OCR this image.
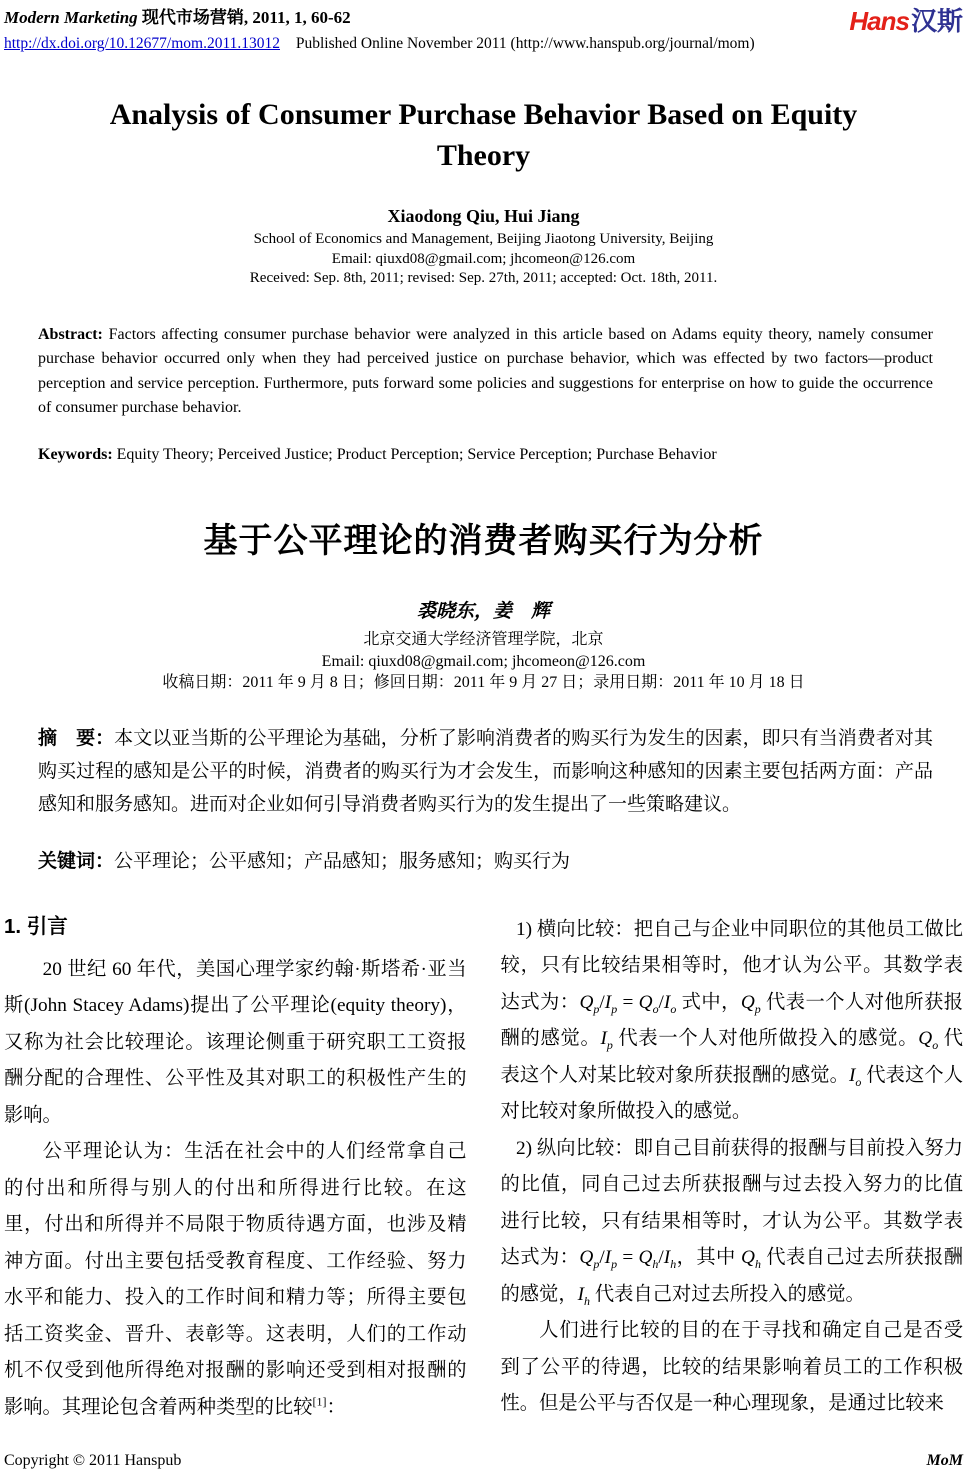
Modern Marketing 现代市场营销, 2011, 1, 60-62
http://dx.doi.org/10.12677/mom.2011.13012 Published Online November 2011 (http://www.hanspub.org/journal/mom)
Hans汉斯
Analysis of Consumer Purchase Behavior Based on Equity Theory
Xiaodong Qiu, Hui Jiang
School of Economics and Management, Beijing Jiaotong University, Beijing
Email: qiuxd08@gmail.com; jhcomeon@126.com
Received: Sep. 8th, 2011; revised: Sep. 27th, 2011; accepted: Oct. 18th, 2011.
Abstract: Factors affecting consumer purchase behavior were analyzed in this article based on Adams equity theory, namely consumer purchase behavior occurred only when they had perceived justice on purchase behavior, which was effected by two factors—product perception and service perception. Furthermore, puts forward some policies and suggestions for enterprise on how to guide the occurrence of consumer purchase behavior.
Keywords: Equity Theory; Perceived Justice; Product Perception; Service Perception; Purchase Behavior
基于公平理论的消费者购买行为分析
裘晓东，姜　辉
北京交通大学经济管理学院，北京
Email: qiuxd08@gmail.com; jhcomeon@126.com
收稿日期：2011 年 9 月 8 日；修回日期：2011 年 9 月 27 日；录用日期：2011 年 10 月 18 日
摘　要：本文以亚当斯的公平理论为基础，分析了影响消费者的购买行为发生的因素，即只有当消费者对其购买过程的感知是公平的时候，消费者的购买行为才会发生，而影响这种感知的因素主要包括两方面：产品感知和服务感知。进而对企业如何引导消费者购买行为的发生提出了一些策略建议。
关键词：公平理论；公平感知；产品感知；服务感知；购买行为
1. 引言

20 世纪 60 年代，美国心理学家约翰·斯塔希·亚当斯(John Stacey Adams)提出了公平理论(equity theory)，又称为社会比较理论。该理论侧重于研究职工工资报酬分配的合理性、公平性及其对职工的积极性产生的影响。

公平理论认为：生活在社会中的人们经常拿自己的付出和所得与别人的付出和所得进行比较。在这里，付出和所得并不局限于物质待遇方面，也涉及精神方面。付出主要包括受教育程度、工作经验、努力水平和能力、投入的工作时间和精力等；所得主要包括工资奖金、晋升、表彰等。这表明，人们的工作动机不仅受到他所得绝对报酬的影响还受到相对报酬的影响。其理论包含着两种类型的比较[1]：

1) 横向比较：把自己与企业中同职位的其他员工做比较，只有比较结果相等时，他才认为公平。其数学表达式为：$Q_p/I_p = Q_o/I_o$ 式中，$Q_p$ 代表一个人对他所获报酬的感觉。$I_p$ 代表一个人对他所做投入的感觉。$Q_o$ 代表这个人对某比较对象所获报酬的感觉。$I_o$ 代表这个人对比较对象所做投入的感觉。

2) 纵向比较：即自己目前获得的报酬与目前投入努力的比值，同自己过去所获报酬与过去投入努力的比值进行比较，只有结果相等时，才认为公平。其数学表达式为：$Q_p/I_p = Q_h/I_h$，其中 $Q_h$ 代表自己过去所获报酬的感觉，$I_h$ 代表自己对过去所投入的感觉。

人们进行比较的目的在于寻找和确定自己是否受到了公平的待遇，比较的结果影响着员工的工作积极性。但是公平与否仅是一种心理现象，是通过比较来

Copyright © 2011 Hanspub	MoM
